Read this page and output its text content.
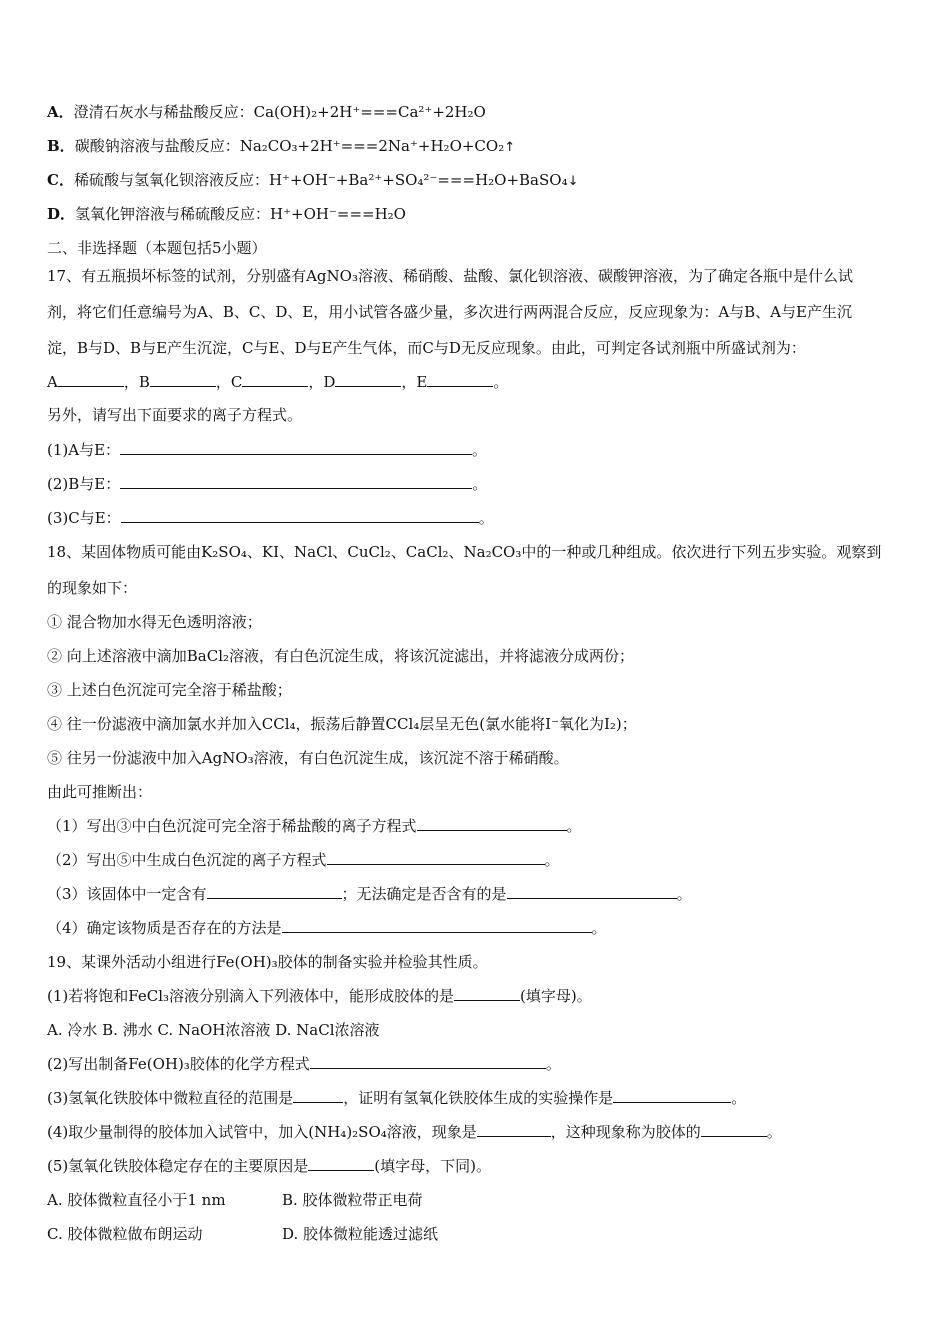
A．澄清石灰水与稀盐酸反应：Ca(OH)₂+2H⁺===Ca²⁺+2H₂O
B．碳酸钠溶液与盐酸反应：Na₂CO₃+2H⁺===2Na⁺+H₂O+CO₂↑
C．稀硫酸与氢氧化钡溶液反应：H⁺+OH⁻+Ba²⁺+SO₄²⁻===H₂O+BaSO₄↓
D．氢氧化钾溶液与稀硫酸反应：H⁺+OH⁻===H₂O
二、非选择题（本题包括5小题）
17、有五瓶损坏标签的试剂，分别盛有AgNO₃溶液、稀硝酸、盐酸、氯化钡溶液、碳酸钾溶液，为了确定各瓶中是什么试
剂，将它们任意编号为A、B、C、D、E，用小试管各盛少量，多次进行两两混合反应，反应现象为：A与B、A与E产生沉
淀，B与D、B与E产生沉淀，C与E、D与E产生气体，而C与D无反应现象。由此，可判定各试剂瓶中所盛试剂为：
A	，B	，C	，D	，E	。
另外，请写出下面要求的离子方程式。
(1)A与E：	。
(2)B与E：	。
(3)C与E：	。
18、某固体物质可能由K₂SO₄、KI、NaCl、CuCl₂、CaCl₂、Na₂CO₃中的一种或几种组成。依次进行下列五步实验。观察到
的现象如下：
① 混合物加水得无色透明溶液；
② 向上述溶液中滴加BaCl₂溶液，有白色沉淀生成，将该沉淀滤出，并将滤液分成两份；
③ 上述白色沉淀可完全溶于稀盐酸；
④ 往一份滤液中滴加氯水并加入CCl₄，振荡后静置CCl₄层呈无色(氯水能将I⁻氧化为I₂)；
⑤ 往另一份滤液中加入AgNO₃溶液，有白色沉淀生成，该沉淀不溶于稀硝酸。
由此可推断出：
（1）写出③中白色沉淀可完全溶于稀盐酸的离子方程式	。
（2）写出⑤中生成白色沉淀的离子方程式	。
（3）该固体中一定含有	；无法确定是否含有的是	。
（4）确定该物质是否存在的方法是	。
19、某课外活动小组进行Fe(OH)₃胶体的制备实验并检验其性质。
(1)若将饱和FeCl₃溶液分别滴入下列液体中，能形成胶体的是	(填字母)。
A. 冷水 B. 沸水 C. NaOH浓溶液 D. NaCl浓溶液
(2)写出制备Fe(OH)₃胶体的化学方程式	。
(3)氢氧化铁胶体中微粒直径的范围是	，证明有氢氧化铁胶体生成的实验操作是	。
(4)取少量制得的胶体加入试管中，加入(NH₄)₂SO₄溶液，现象是	，这种现象称为胶体的	。
(5)氢氧化铁胶体稳定存在的主要原因是	(填字母，下同)。
A. 胶体微粒直径小于1 nm	B. 胶体微粒带正电荷
C. 胶体微粒做布朗运动	D. 胶体微粒能透过滤纸
